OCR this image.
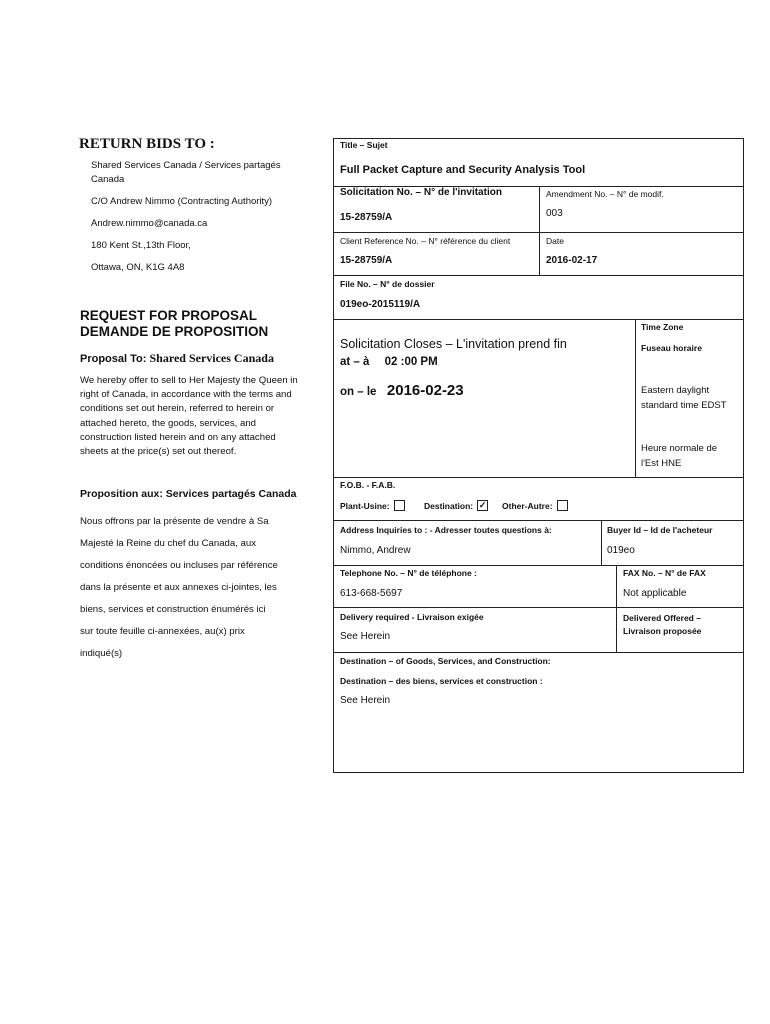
RETURN BIDS TO :
Shared Services Canada / Services partagés
Canada
C/O Andrew Nimmo (Contracting Authority)
Andrew.nimmo@canada.ca
180 Kent St.,13th Floor,
Ottawa, ON, K1G 4A8
REQUEST FOR PROPOSAL
DEMANDE DE PROPOSITION
Proposal To: Shared Services Canada
We hereby offer to sell to Her Majesty the Queen in
right of Canada, in accordance with the terms and
conditions set out herein, referred to herein or
attached hereto, the goods, services, and
construction listed herein and on any attached
sheets at the price(s) set out thereof.
Proposition aux: Services partagés Canada
Nous offrons par la présente de vendre à Sa
Majesté la Reine du chef du Canada, aux
conditions énoncées ou incluses par référence
dans la présente et aux annexes ci-jointes, les
biens, services et construction énumérés ici
sur toute feuille ci-annexées, au(x) prix
indiqué(s)
Title – Sujet
Full Packet Capture and Security Analysis Tool
Solicitation No. – N° de l'invitation
15-28759/A
Amendment No. – N° de modif.
003
Client Reference No. – N° référence du client
15-28759/A
Date
2016-02-17
File No. – N° de dossier
019eo-2015119/A
Solicitation Closes – L'invitation prend fin
at – à 02 :00 PM
on – le 2016-02-23
Time Zone
Fuseau horaire
Eastern daylight
standard time EDST
Heure normale de
l'Est HNE
F.O.B. - F.A.B.
Plant-Usine:	Destination: ✓ Other-Autre:
Address Inquiries to : - Adresser toutes questions à:
Nimmo, Andrew
Buyer Id – Id de l'acheteur
019eo
Telephone No. – N° de téléphone :
613-668-5697
FAX No. – N° de FAX
Not applicable
Delivery required - Livraison exigée
See Herein
Delivered Offered –
Livraison proposée
Destination – of Goods, Services, and Construction:
Destination – des biens, services et construction :
See Herein
